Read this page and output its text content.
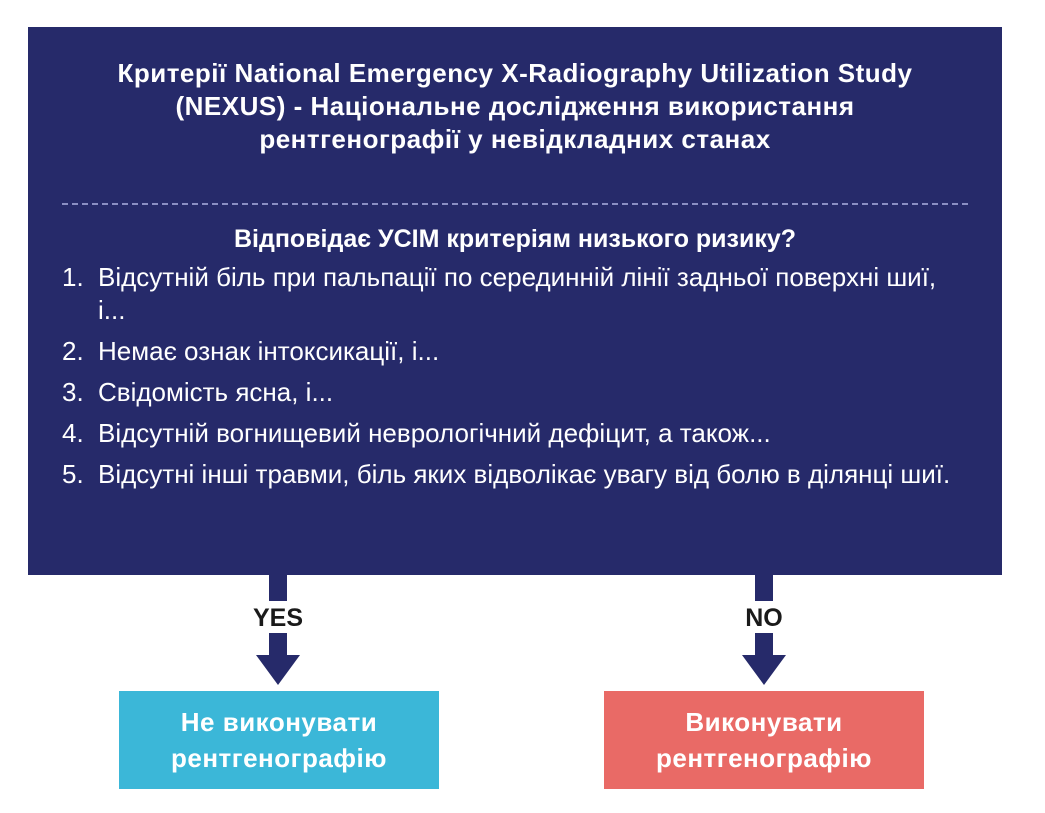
Критерії National Emergency X-Radiography Utilization Study (NEXUS) - Національне дослідження використання рентгенографії у невідкладних станах
Відповідає УСІМ критеріям низького ризику?
1. Відсутній біль при пальпації по серединній лінії задньої поверхні шиї, і...
2. Немає ознак інтоксикації, і...
3. Свідомість ясна, і...
4. Відсутній вогнищевий неврологічний дефіцит, а також...
5. Відсутні інші травми, біль яких відволікає увагу від болю в ділянці шиї.
YES
Не виконувати
рентгенографію
NO
Виконувати
рентгенографію
